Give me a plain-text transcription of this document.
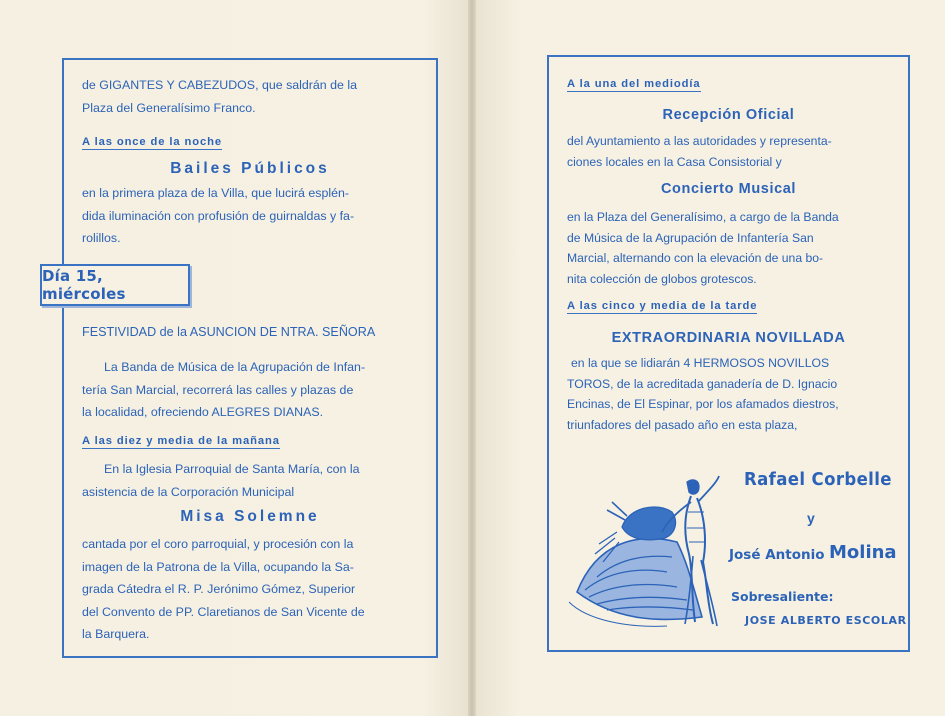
de GIGANTES Y CABEZUDOS, que saldrán de la
Plaza del Generalísimo Franco.
A las once de la noche
Bailes Públicos
en la primera plaza de la Villa, que lucirá esplén-
dida iluminación con profusión de guirnaldas y fa-
rolillos.
FESTIVIDAD de la ASUNCION DE NTRA. SEÑORA
La Banda de Música de la Agrupación de Infan-
tería San Marcial, recorrerá las calles y plazas de
la localidad, ofreciendo ALEGRES DIANAS.
A las diez y media de la mañana
En la Iglesia Parroquial de Santa María, con la
asistencia de la Corporación Municipal
Misa Solemne
cantada por el coro parroquial, y procesión con la
imagen de la Patrona de la Villa, ocupando la Sa-
grada Cátedra el R. P. Jerónimo Gómez, Superior
del Convento de PP. Claretianos de San Vicente de
la Barquera.
Día 15, miércoles
A la una del mediodía
Recepción Oficial
del Ayuntamiento a las autoridades y representa-
ciones locales en la Casa Consistorial y
Concierto Musical
en la Plaza del Generalísimo, a cargo de la Banda
de Música de la Agrupación de Infantería San
Marcial, alternando con la elevación de una bo-
nita colección de globos grotescos.
A las cinco y media de la tarde
EXTRAORDINARIA NOVILLADA
en la que se lidiarán 4 HERMOSOS NOVILLOS
TOROS, de la acreditada ganadería de D. Ignacio
Encinas, de El Espinar, por los afamados diestros,
triunfadores del pasado año en esta plaza,
Rafael Corbelle
y
José Antonio Molina
Sobresaliente:
JOSE ALBERTO ESCOLAR
